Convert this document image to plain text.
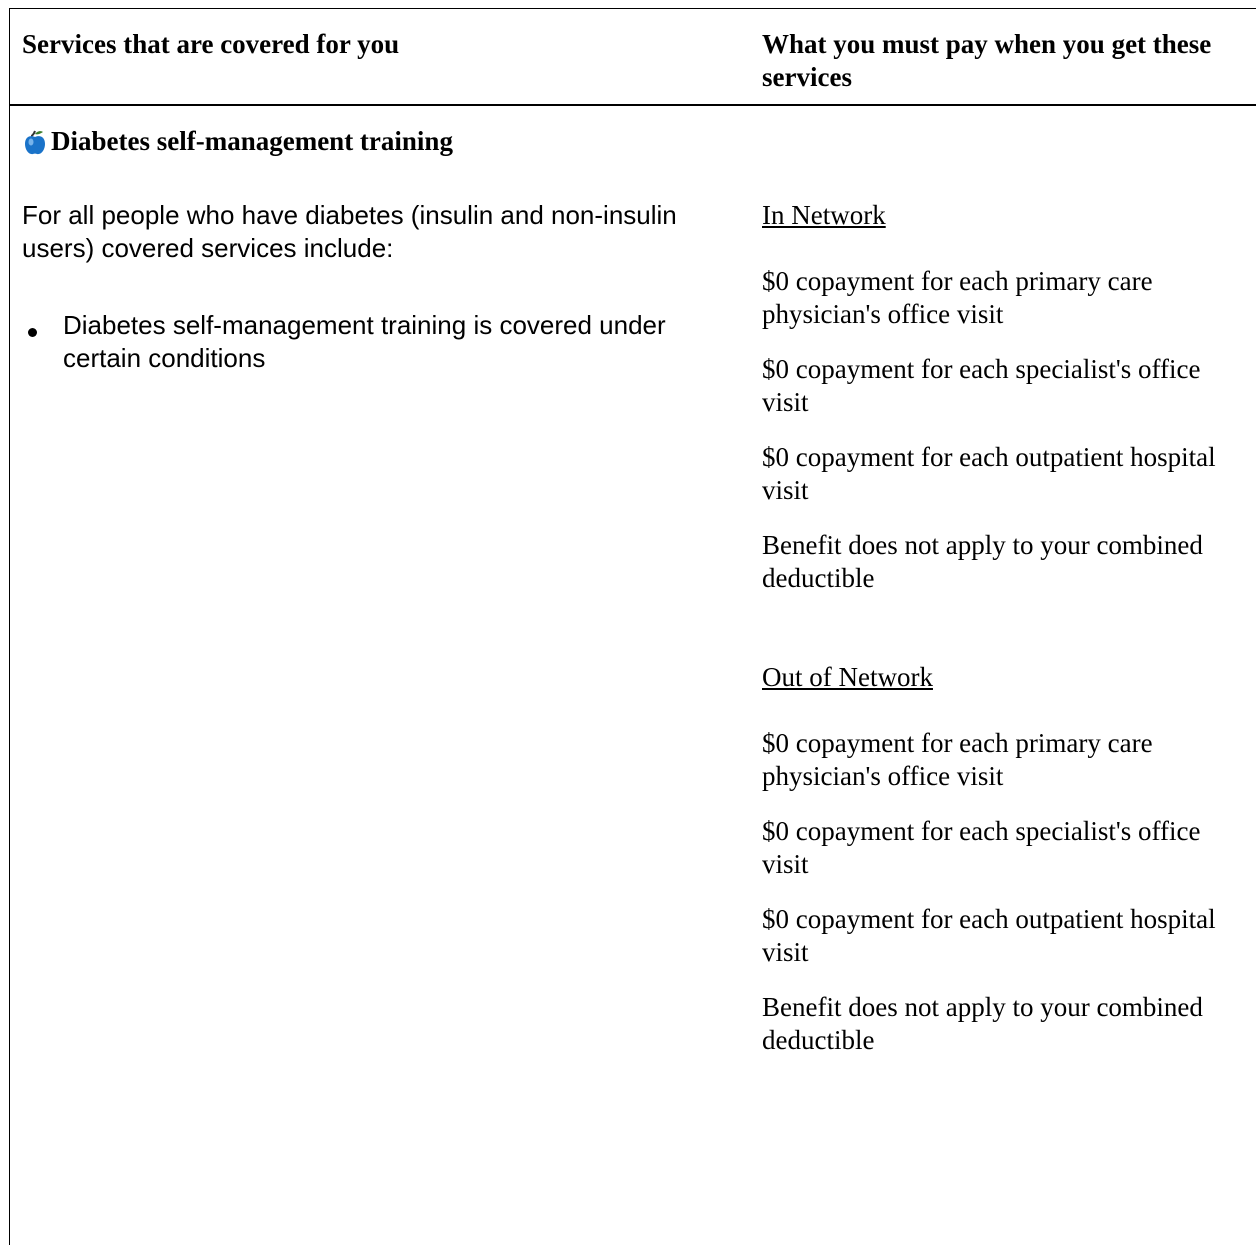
Services that are covered for you	What you must pay when you get these services
Diabetes self-management training
For all people who have diabetes (insulin and non-insulin users) covered services include:
Diabetes self-management training is covered under certain conditions
In Network
$0 copayment for each primary care physician's office visit
$0 copayment for each specialist's office visit
$0 copayment for each outpatient hospital visit
Benefit does not apply to your combined deductible
Out of Network
$0 copayment for each primary care physician's office visit
$0 copayment for each specialist's office visit
$0 copayment for each outpatient hospital visit
Benefit does not apply to your combined deductible
